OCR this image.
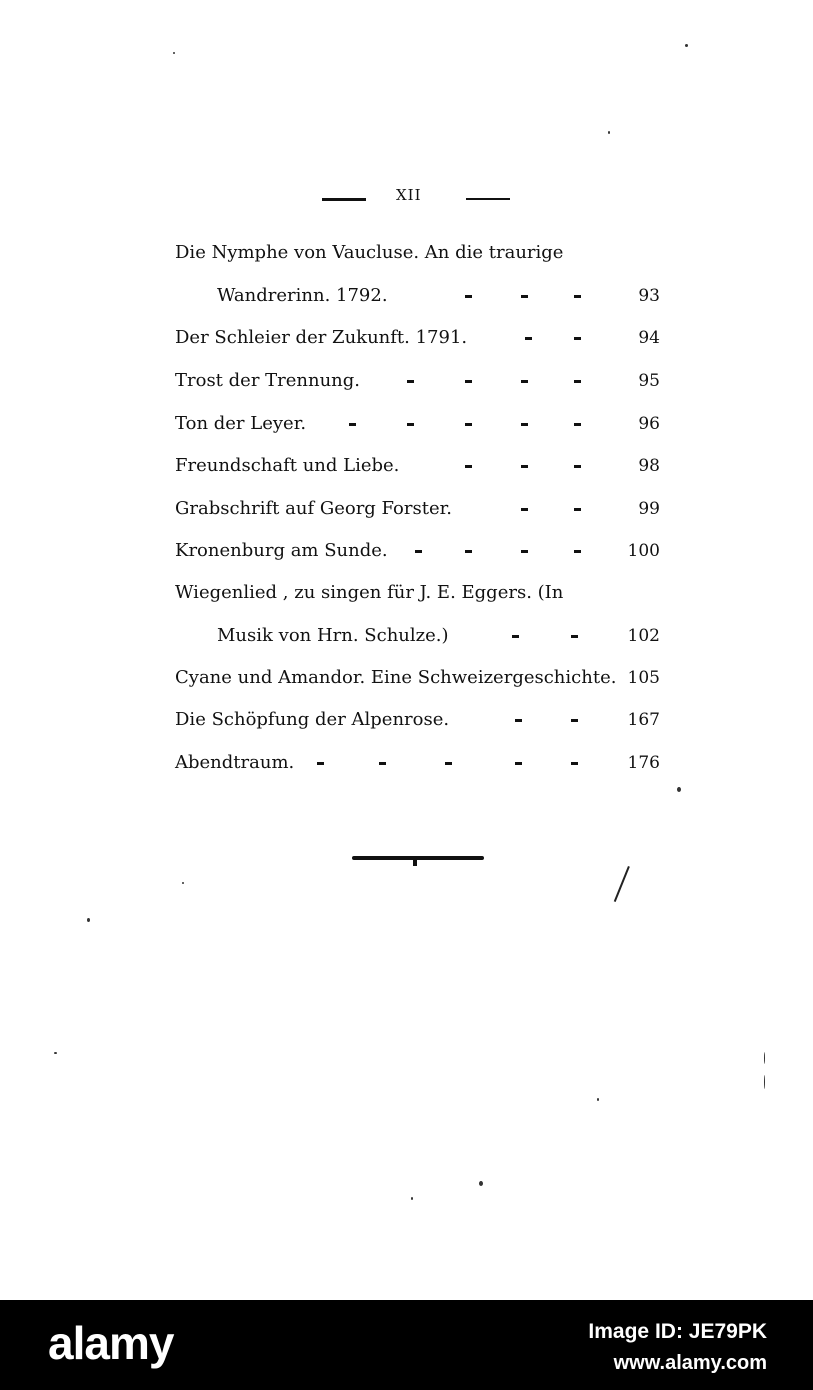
XII
Die Nymphe von Vaucluse. An die traurige
Wandrerinn. 1792.	93
Der Schleier der Zukunft. 1791.	94
Trost der Trennung.	95
Ton der Leyer.	96
Freundschaft und Liebe.	98
Grabschrift auf Georg Forster.	99
Kronenburg am Sunde.	100
Wiegenlied , zu singen für J. E. Eggers. (In
Musik von Hrn. Schulze.)	102
Cyane und Amandor. Eine Schweizergeschichte. 105
Die Schöpfung der Alpenrose.	167
Abendtraum.	176
alamy	Image ID: JE79PK
www.alamy.com
